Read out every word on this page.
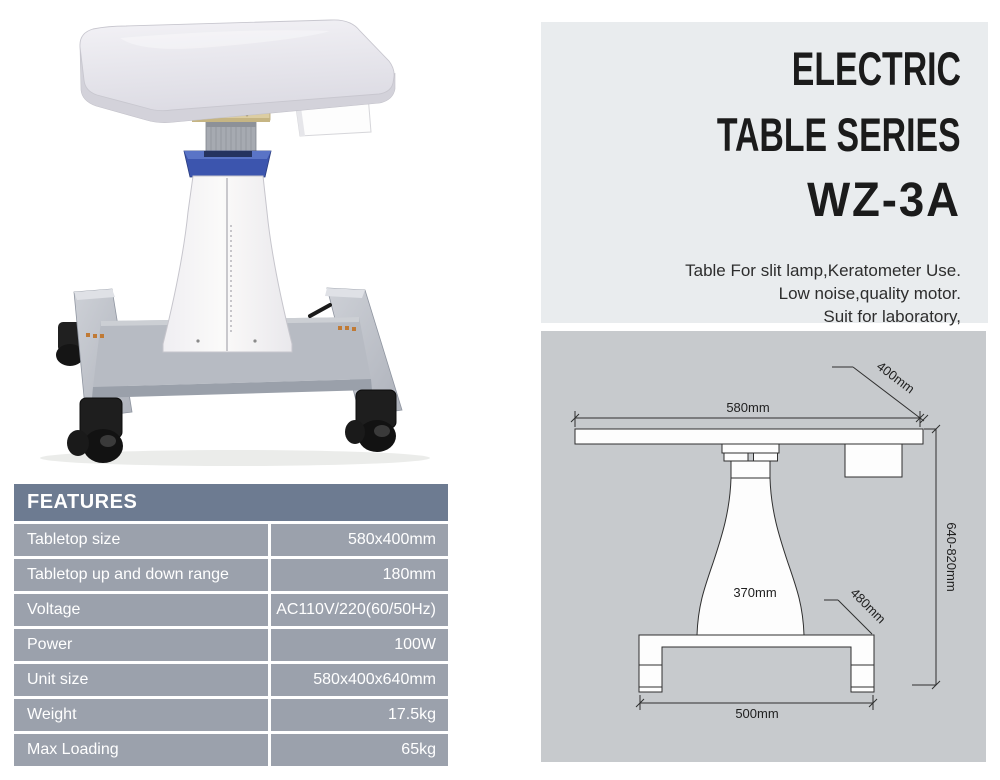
ELECTRIC
TABLE SERIES
WZ-3A
Table For slit lamp,Keratometer Use.
Low noise,quality motor.
Suit for laboratory,
580mm
400mm
640-820mm
370mm	480mm
500mm
FEATURES
Tabletop size	580x400mm
Tabletop up and down range	180mm
Voltage	AC110V/220(60/50Hz)
Power	100W
Unit size	580x400x640mm
Weight	17.5kg
Max Loading	65kg
